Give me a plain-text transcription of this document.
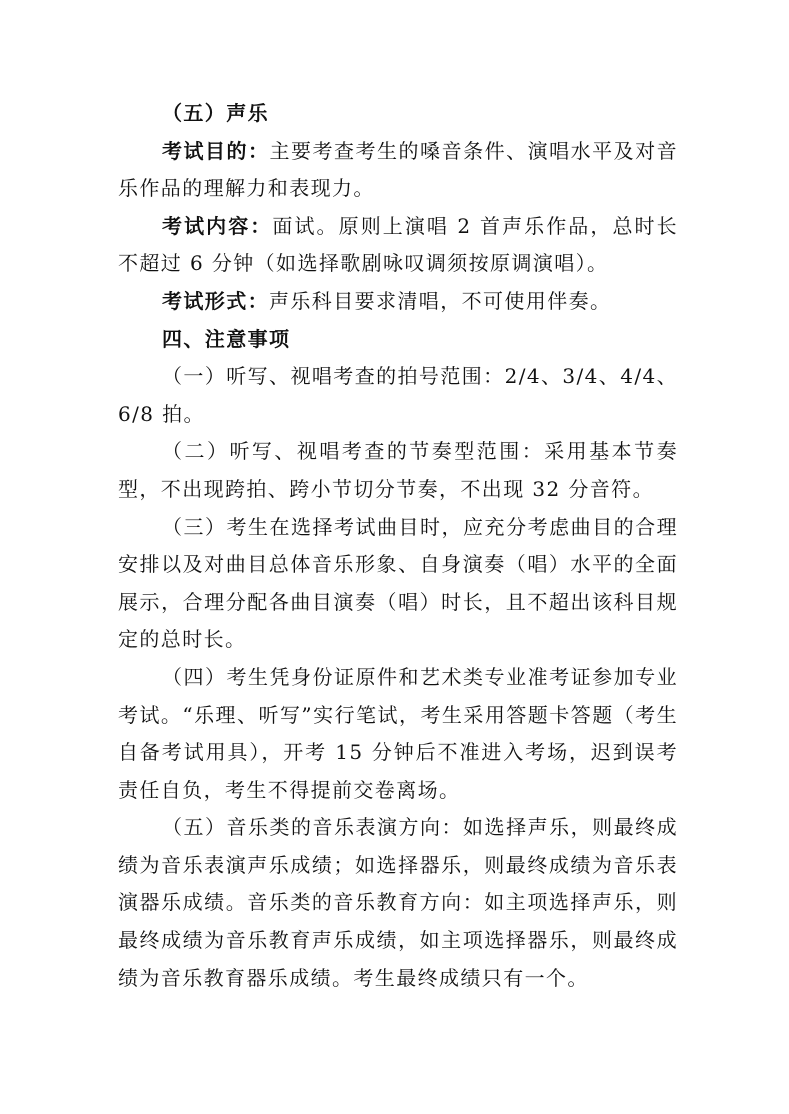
（五）声乐

考试目的：主要考查考生的嗓音条件、演唱水平及对音乐作品的理解力和表现力。

考试内容：面试。原则上演唱 2 首声乐作品，总时长不超过 6 分钟（如选择歌剧咏叹调须按原调演唱）。

考试形式：声乐科目要求清唱，不可使用伴奏。

四、注意事项

（一）听写、视唱考查的拍号范围：2/4、3/4、4/4、6/8 拍。

（二）听写、视唱考查的节奏型范围：采用基本节奏型，不出现跨拍、跨小节切分节奏，不出现 32 分音符。

（三）考生在选择考试曲目时，应充分考虑曲目的合理安排以及对曲目总体音乐形象、自身演奏（唱）水平的全面展示，合理分配各曲目演奏（唱）时长，且不超出该科目规定的总时长。

（四）考生凭身份证原件和艺术类专业准考证参加专业考试。“乐理、听写”实行笔试，考生采用答题卡答题（考生自备考试用具），开考 15 分钟后不准进入考场，迟到误考责任自负，考生不得提前交卷离场。

（五）音乐类的音乐表演方向：如选择声乐，则最终成绩为音乐表演声乐成绩；如选择器乐，则最终成绩为音乐表演器乐成绩。音乐类的音乐教育方向：如主项选择声乐，则最终成绩为音乐教育声乐成绩，如主项选择器乐，则最终成绩为音乐教育器乐成绩。考生最终成绩只有一个。
